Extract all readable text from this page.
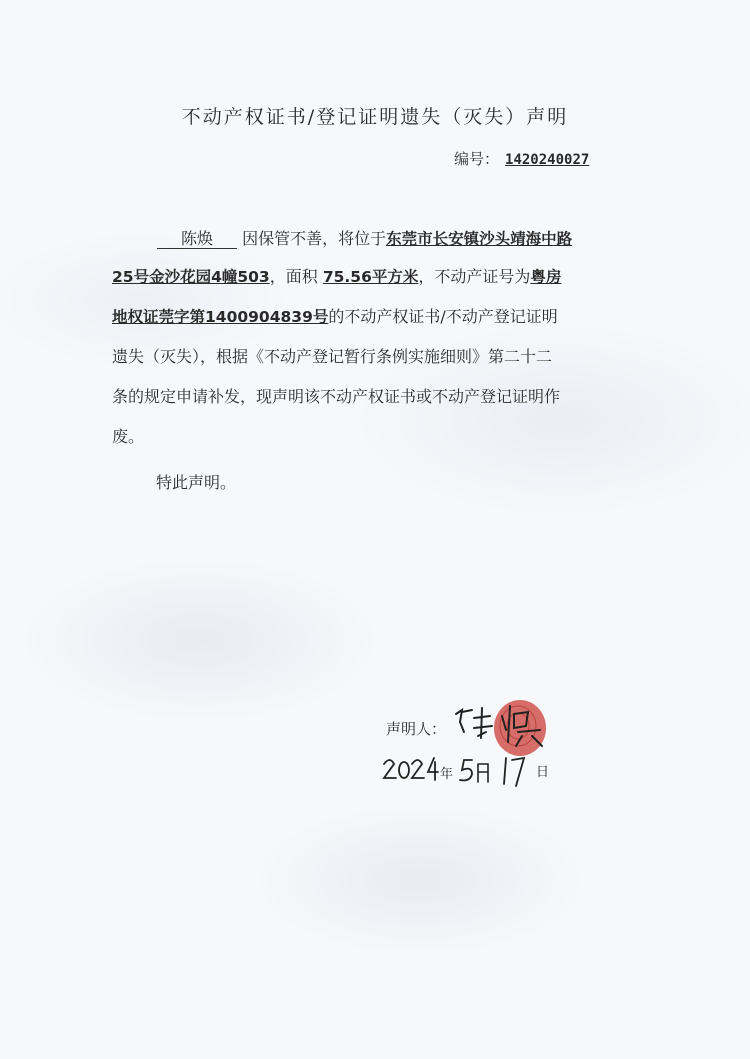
不动产权证书/登记证明遗失（灭失）声明
编号： 1420240027
陈焕 因保管不善，将位于东莞市长安镇沙头靖海中路
25号金沙花园4幢503，面积 75.56平方米，不动产证号为粤房
地权证莞字第1400904839号的不动产权证书/不动产登记证明
遗失（灭失），根据《不动产登记暂行条例实施细则》第二十二
条的规定申请补发，现声明该不动产权证书或不动产登记证明作
废。
特此声明。
声明人：
年	日
